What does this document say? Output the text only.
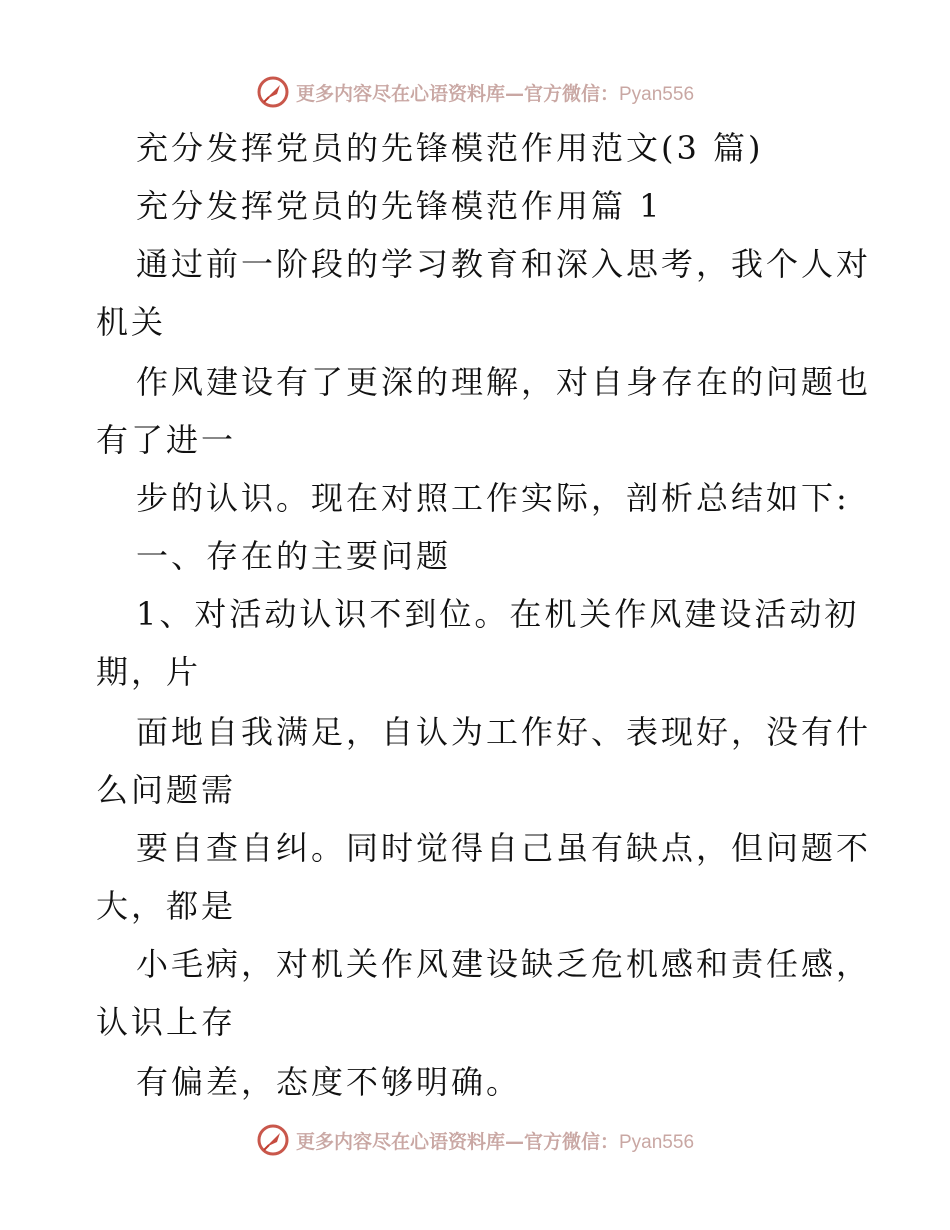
更多内容尽在心语资料库—官方微信：Pyan556
充分发挥党员的先锋模范作用范文(3 篇)
充分发挥党员的先锋模范作用篇 1
通过前一阶段的学习教育和深入思考，我个人对
机关
作风建设有了更深的理解，对自身存在的问题也
有了进一
步的认识。现在对照工作实际，剖析总结如下:
一、存在的主要问题
1、对活动认识不到位。在机关作风建设活动初
期，片
面地自我满足，自认为工作好、表现好，没有什
么问题需
要自查自纠。同时觉得自己虽有缺点，但问题不
大，都是
小毛病，对机关作风建设缺乏危机感和责任感，
认识上存
有偏差，态度不够明确。
更多内容尽在心语资料库—官方微信：Pyan556
